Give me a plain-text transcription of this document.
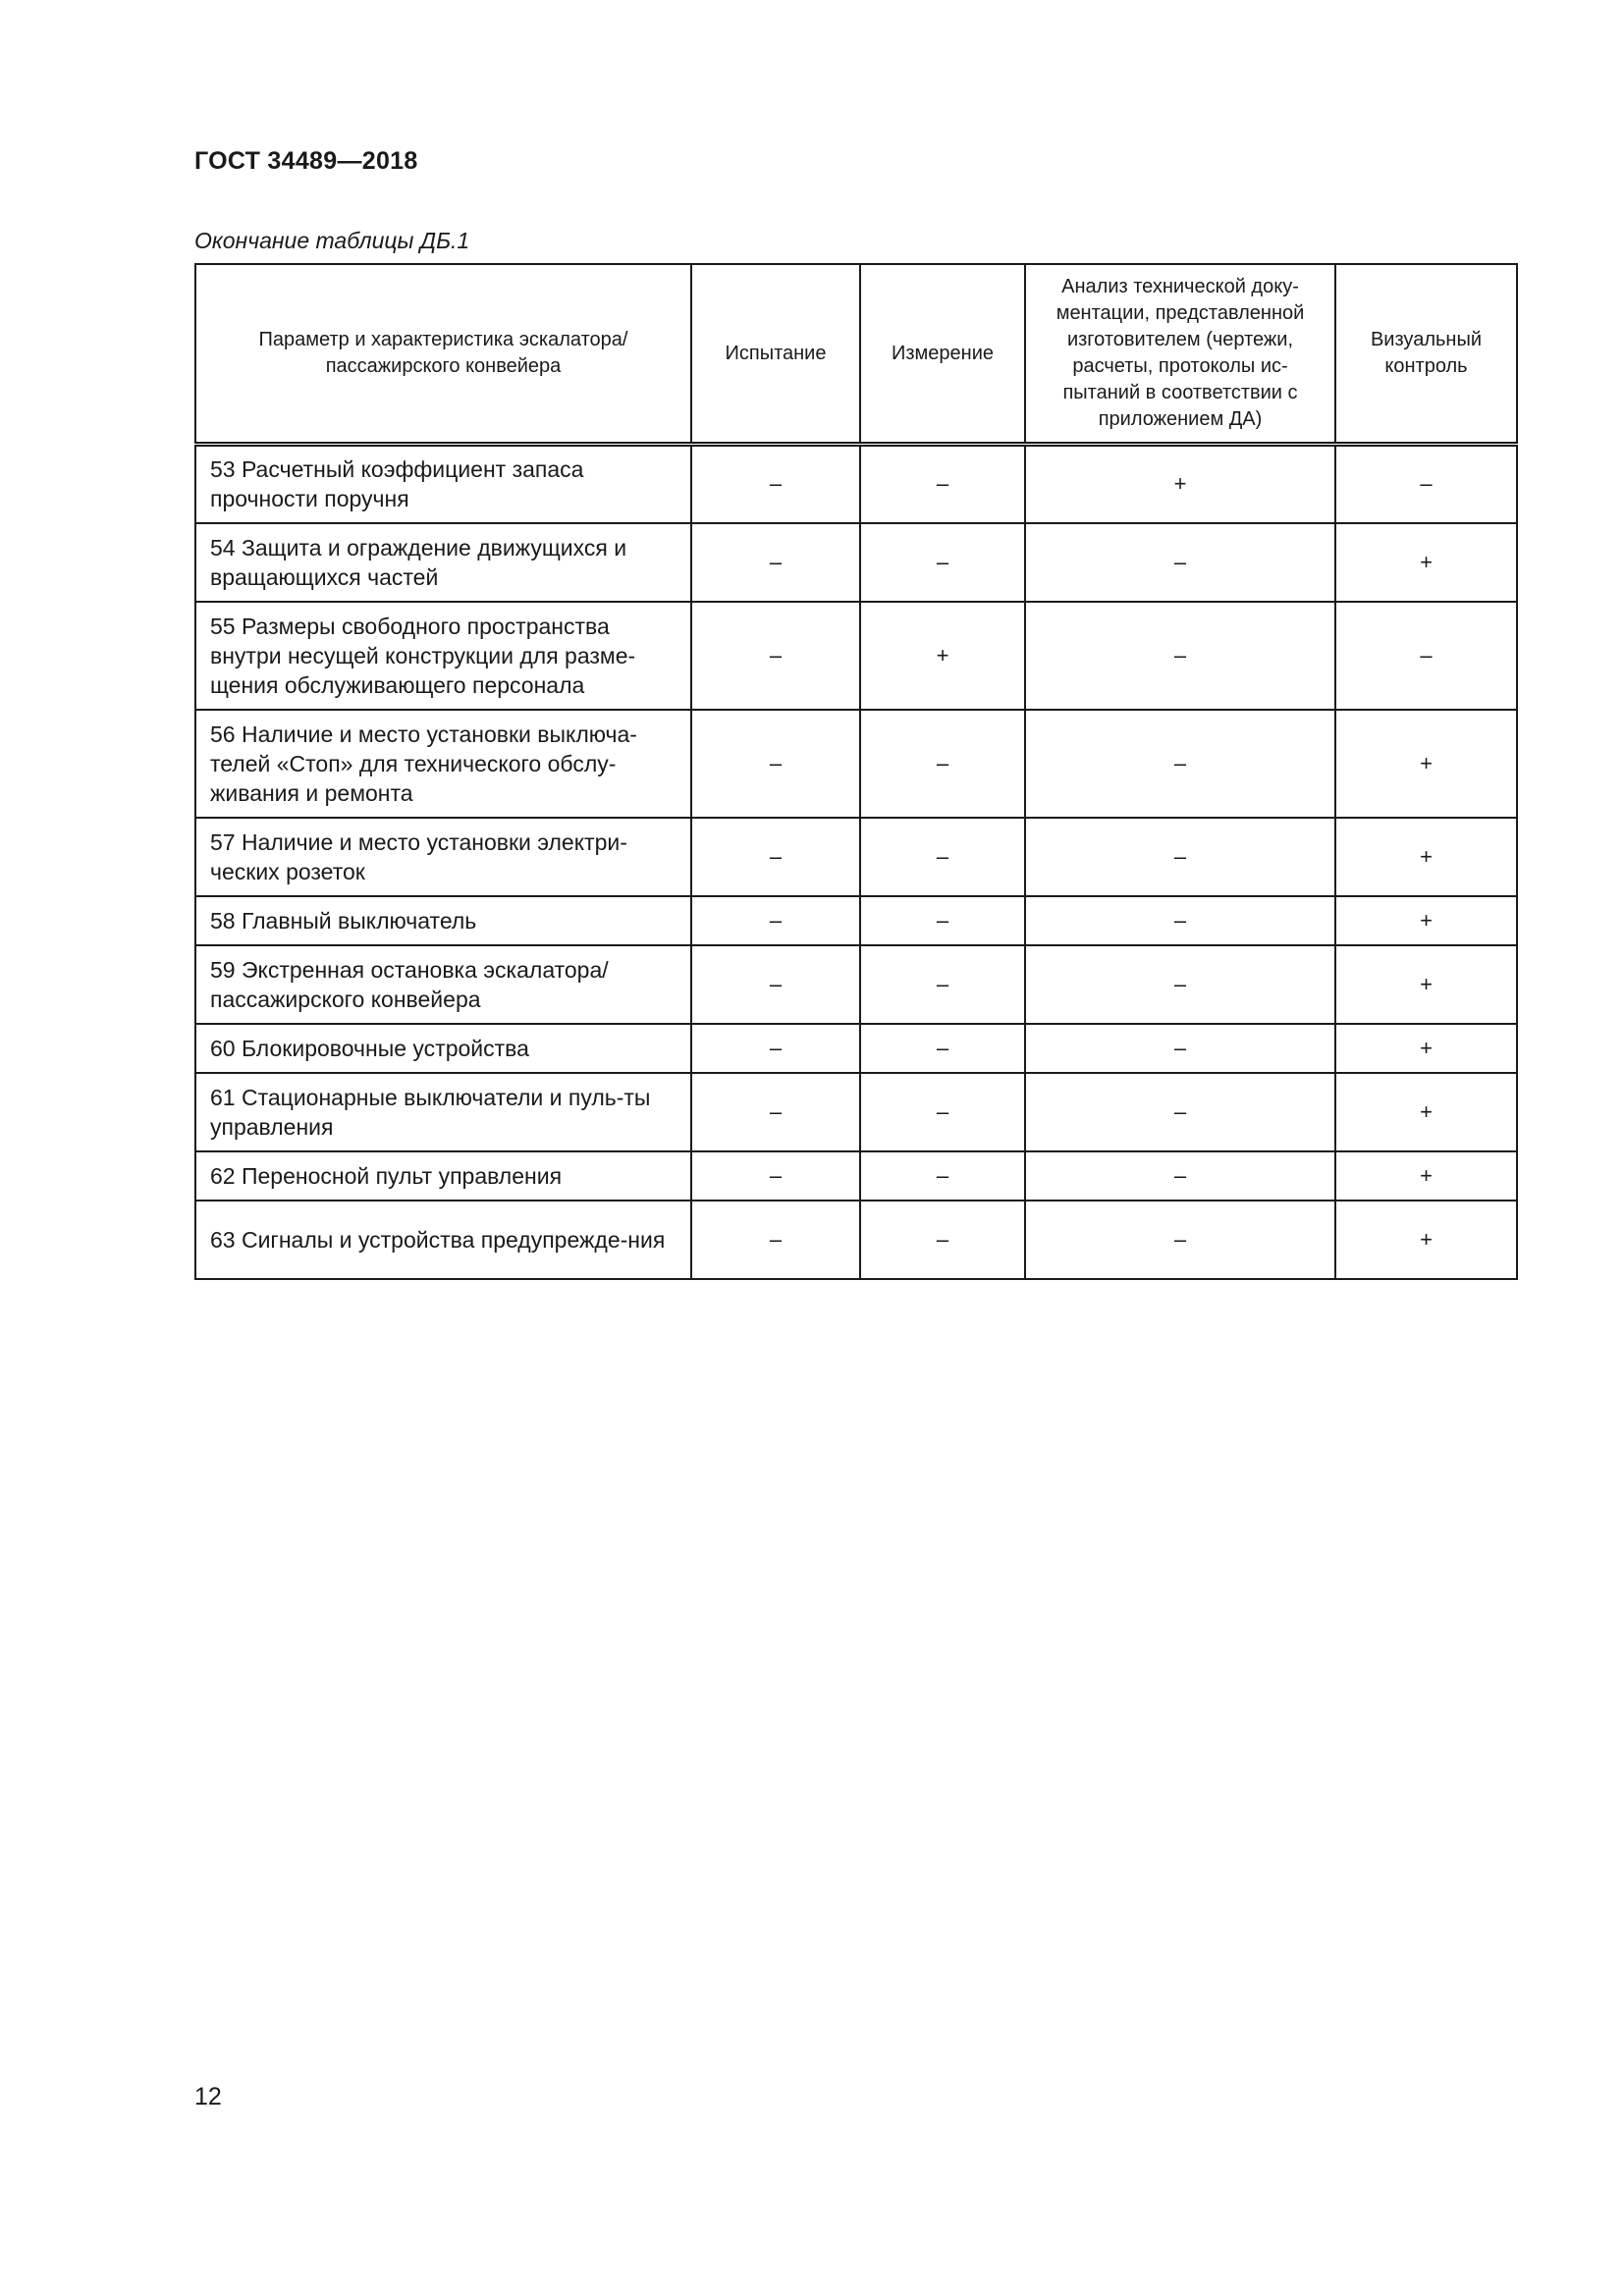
ГОСТ 34489—2018
Окончание таблицы ДБ.1
Параметр и характеристика эскалатора/пассажирского конвейера	Испытание	Измерение	Анализ технической доку-ментации, представленной изготовителем (чертежи, расчеты, протоколы ис-пытаний в соответствии с приложением ДА)	Визуальный контроль

53 Расчетный коэффициент запаса прочности поручня	–	–	+	–
54 Защита и ограждение движущихся и вращающихся частей	–	–	–	+
55 Размеры свободного пространства внутри несущей конструкции для разме-щения обслуживающего персонала	–	+	–	–
56 Наличие и место установки выключа-телей «Стоп» для технического обслу-живания и ремонта	–	–	–	+
57 Наличие и место установки электри-ческих розеток	–	–	–	+
58 Главный выключатель	–	–	–	+
59 Экстренная остановка эскалатора/ пассажирского конвейера	–	–	–	+
60 Блокировочные устройства	–	–	–	+
61 Стационарные выключатели и пуль-ты управления	–	–	–	+
62 Переносной пульт управления	–	–	–	+
63 Сигналы и устройства предупрежде-ния	–	–	–	+
12
